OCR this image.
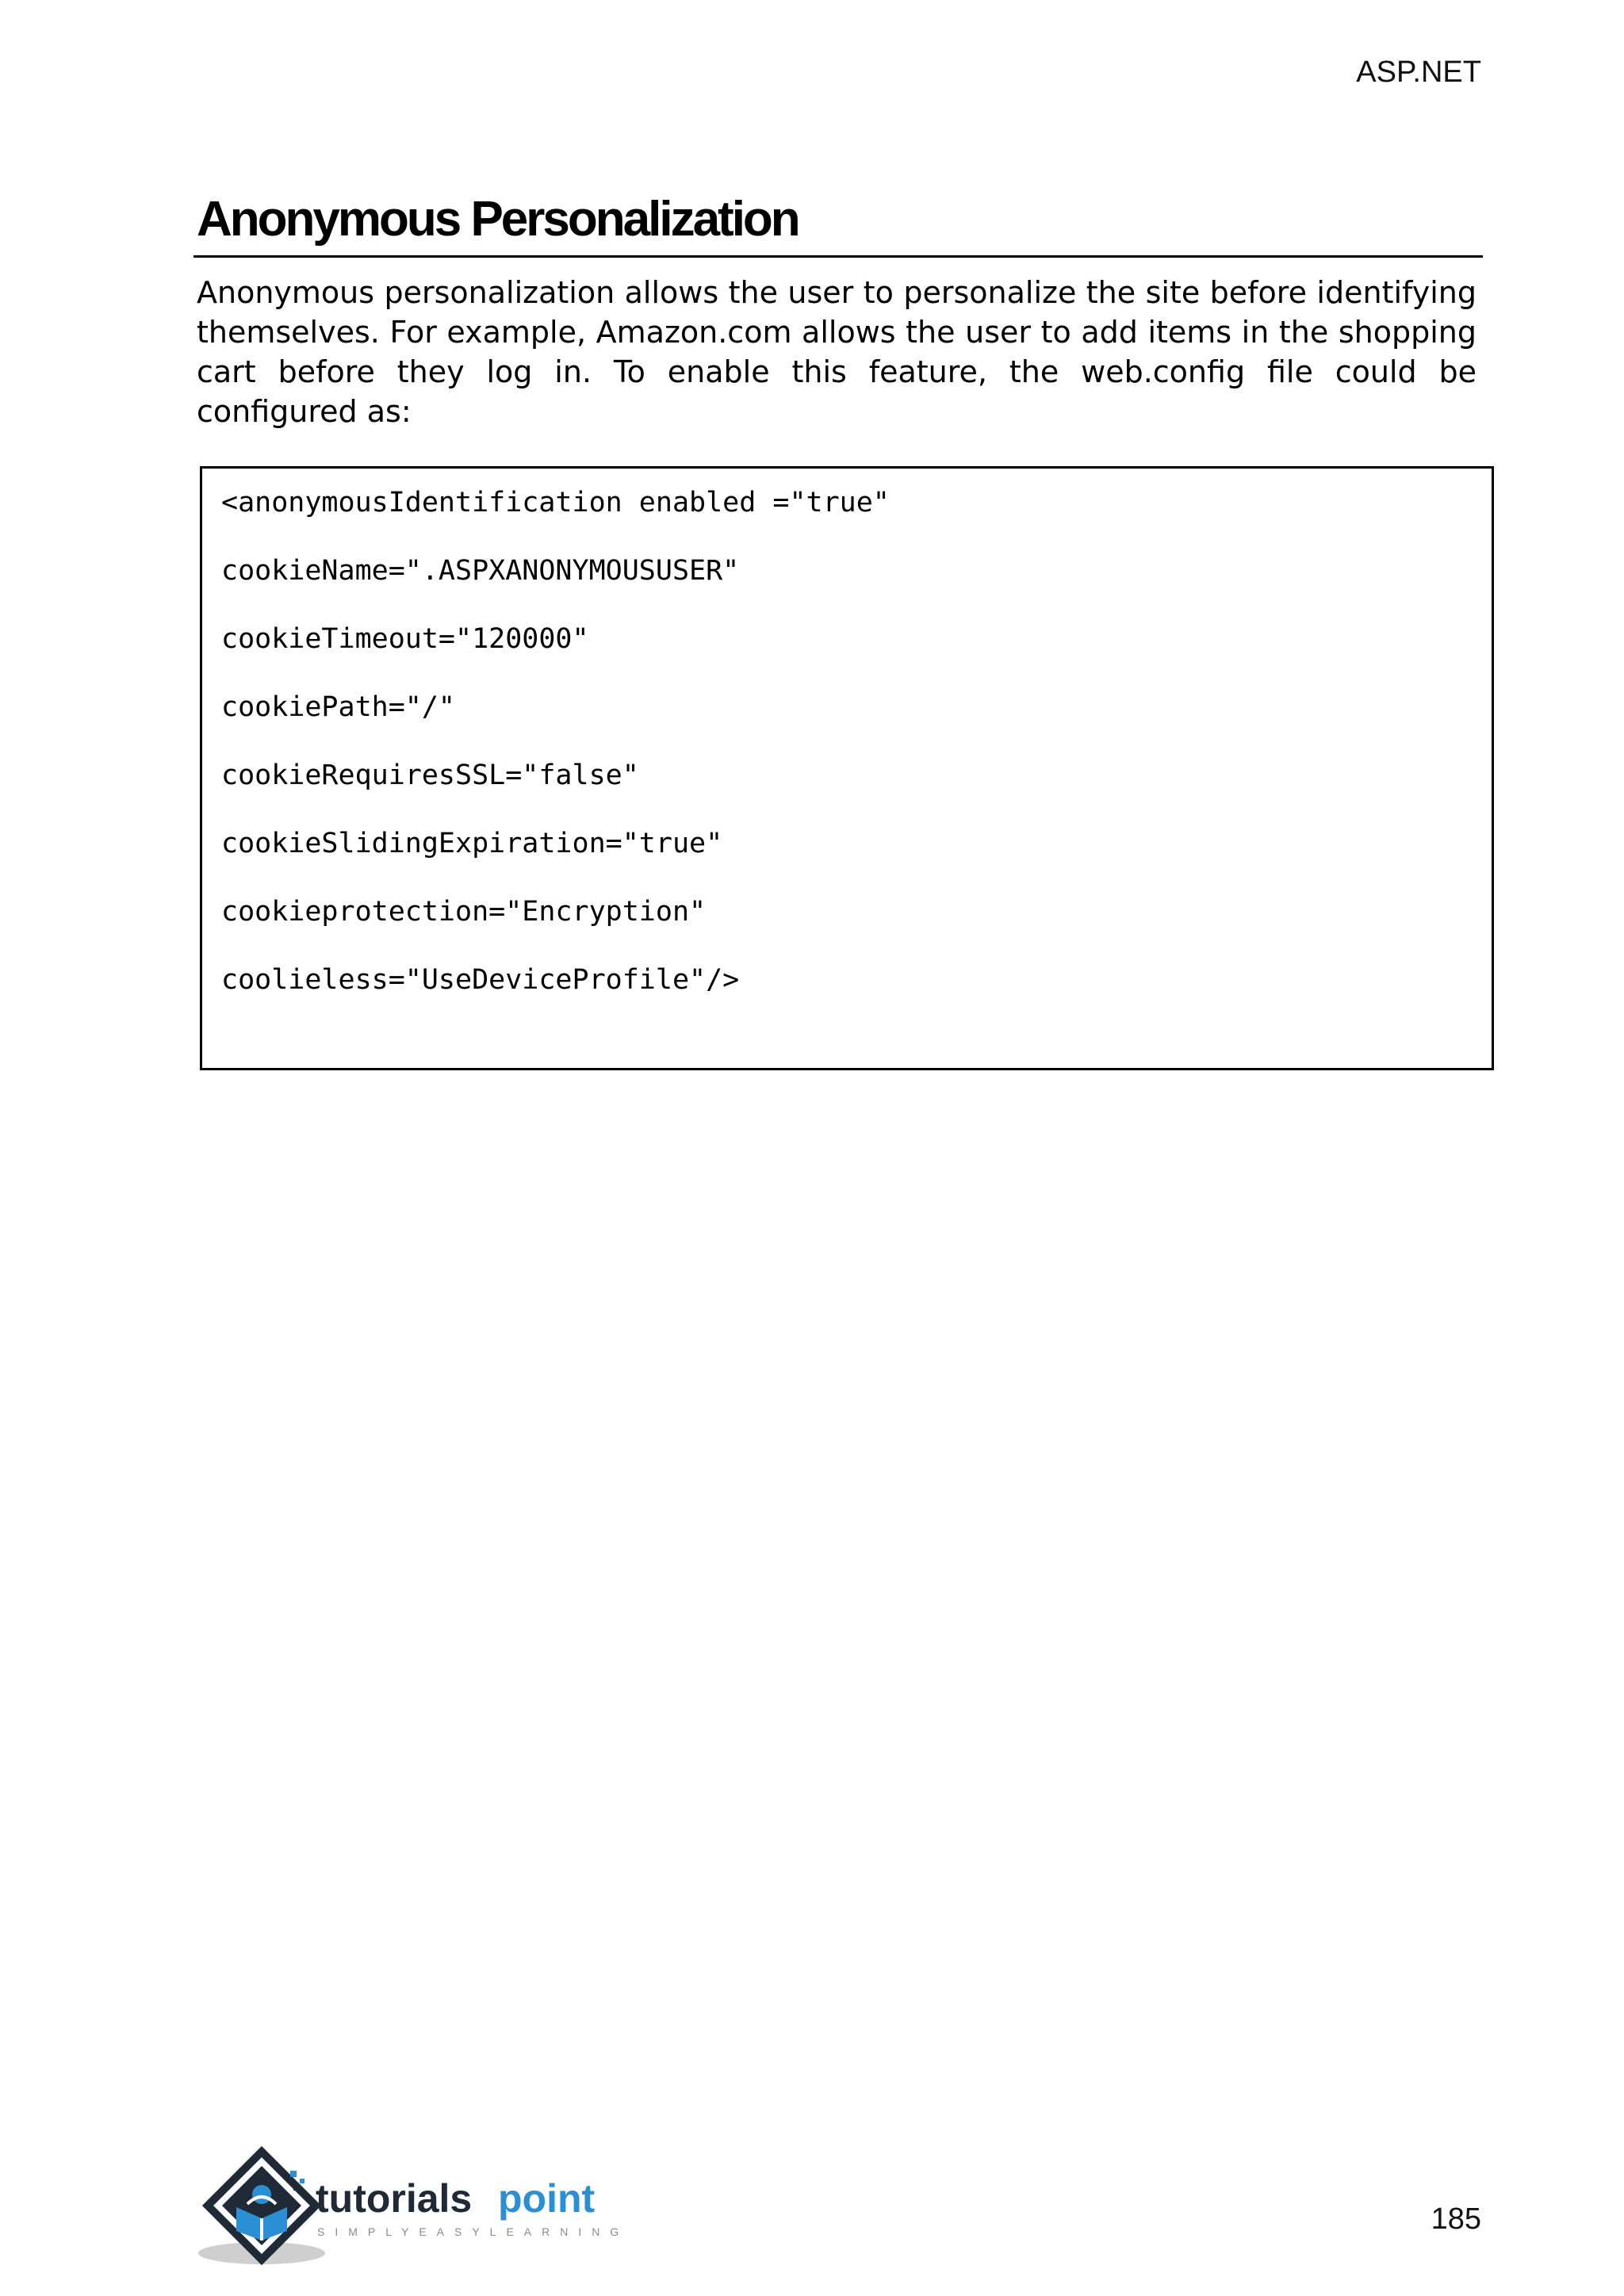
ASP.NET
Anonymous Personalization

Anonymous personalization allows the user to personalize the site before identifying themselves. For example, Amazon.com allows the user to add items in the shopping cart before they log in. To enable this feature, the web.config file could be configured as:

<anonymousIdentification enabled ="true"
cookieName=".ASPXANONYMOUSUSER"
cookieTimeout="120000"
cookiePath="/"
cookieRequiresSSL="false"
cookieSlidingExpiration="true"
cookieprotection="Encryption"
coolieless="UseDeviceProfile"/>
tutorials point
SIMPLYEASYLEARNING	185
